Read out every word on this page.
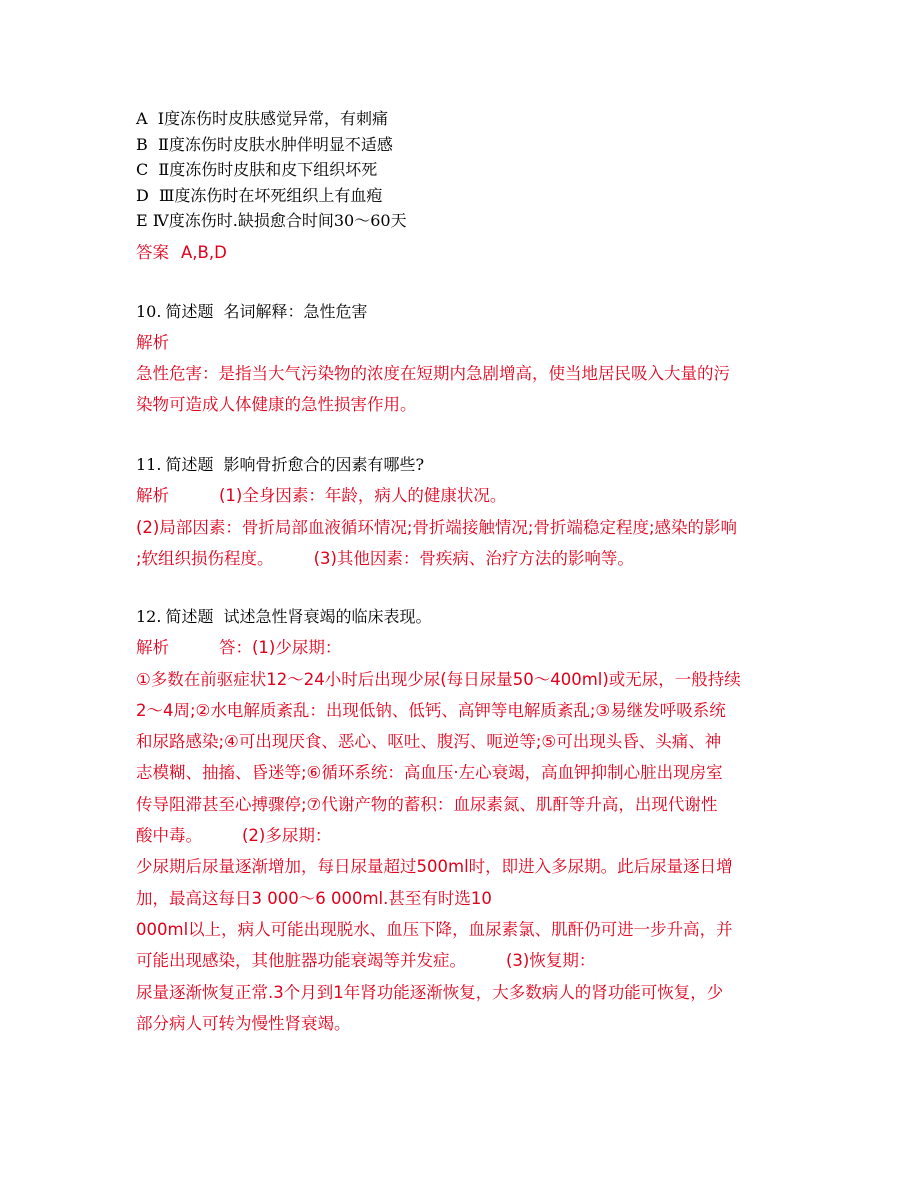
A Ⅰ度冻伤时皮肤感觉异常，有刺痛
B Ⅱ度冻伤时皮肤水肿伴明显不适感
C Ⅱ度冻伤时皮肤和皮下组织坏死
D Ⅲ度冻伤时在坏死组织上有血疱
E Ⅳ度冻伤时.缺损愈合时间30～60天
答案 A,B,D
10. 简述题 名词解释：急性危害
解析
急性危害：是指当大气污染物的浓度在短期内急剧增高，使当地居民吸入大量的污
染物可造成人体健康的急性损害作用。
11. 简述题 影响骨折愈合的因素有哪些?
解析	(1)全身因素：年龄，病人的健康状况。
(2)局部因素：骨折局部血液循环情况;骨折端接触情况;骨折端稳定程度;感染的影响
;软组织损伤程度。 (3)其他因素：骨疾病、治疗方法的影响等。
12. 简述题 试述急性肾衰竭的临床表现。
解析	答：(1)少尿期：
①多数在前驱症状12～24小时后出现少尿(每日尿量50～400ml)或无尿，一般持续
2～4周;②水电解质紊乱：出现低钠、低钙、高钾等电解质紊乱;③易继发呼吸系统
和尿路感染;④可出现厌食、恶心、呕吐、腹泻、呃逆等;⑤可出现头昏、头痛、神
志模糊、抽搐、昏迷等;⑥循环系统：高血压·左心衰竭，高血钾抑制心脏出现房室
传导阻滞甚至心搏骤停;⑦代谢产物的蓄积：血尿素氮、肌酐等升高，出现代谢性
酸中毒。 (2)多尿期：
少尿期后尿量逐渐增加，每日尿量超过500ml时，即进入多尿期。此后尿量逐日增
加，最高这每日3 000～6 000ml.甚至有时选10
000ml以上，病人可能出现脱水、血压下降，血尿素氯、肌酐仍可进一步升高，并
可能出现感染，其他脏器功能衰竭等并发症。 (3)恢复期：
尿量逐渐恢复正常.3个月到1年肾功能逐渐恢复，大多数病人的肾功能可恢复，少
部分病人可转为慢性肾衰竭。
